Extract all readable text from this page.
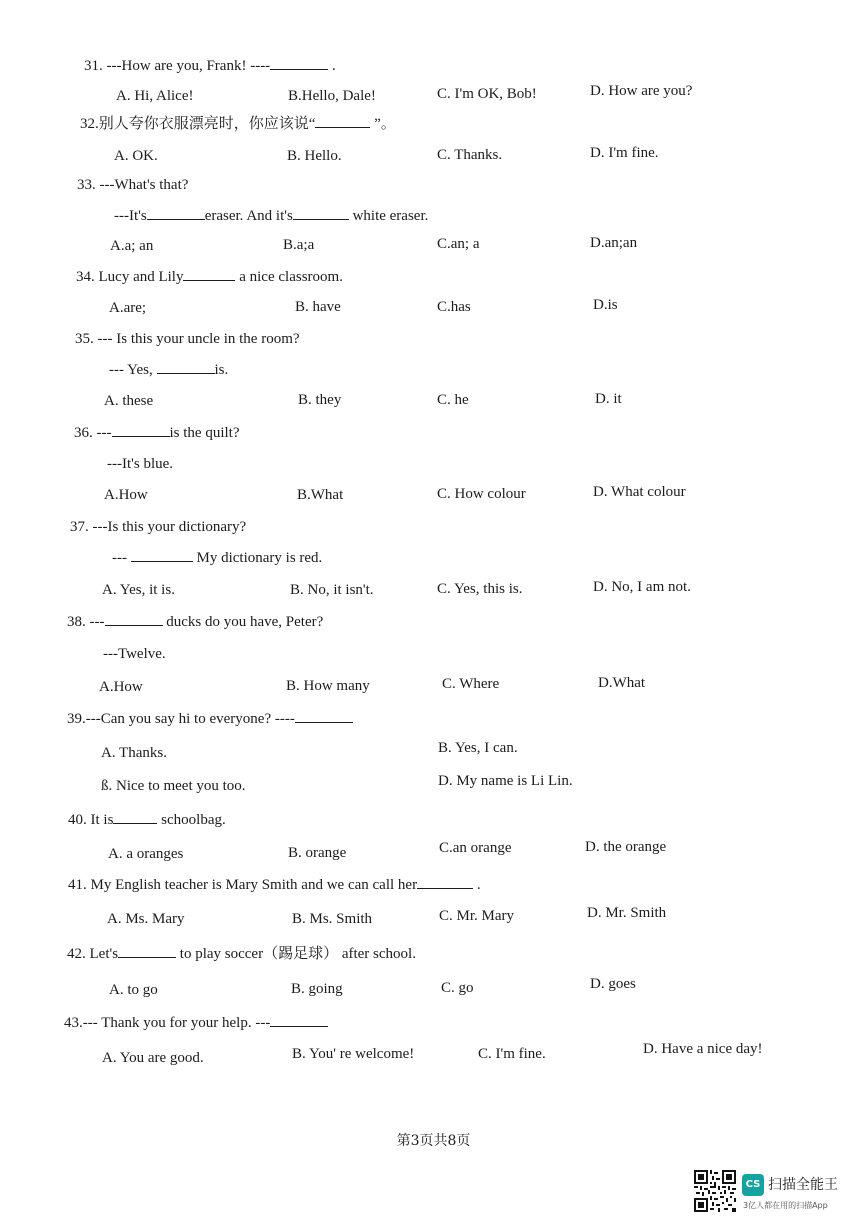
31. ---How are you, Frank! ----	.
A. Hi, Alice!	B.Hello, Dale!	C. I'm OK, Bob!	D. How are you?
32.别人夸你衣服漂亮时，你应该说“	”。
A. OK.	B. Hello.	C. Thanks.	D. I'm fine.
33. ---What's that?
---It's	eraser. And it's	white eraser.
A.a; an	B.a;a	C.an; a	D.an;an
34. Lucy and Lily	a nice classroom.
A.are;	B. have	C.has	D.is
35. --- Is this your uncle in the room?
--- Yes,	is.
A. these	B. they	C. he	D. it
36. ---	is the quilt?
---It's blue.
A.How	B.What	C. How colour	D. What colour
37. ---Is this your dictionary?
---	My dictionary is red.
A. Yes, it is.	B. No, it isn't.	C. Yes, this is.	D. No, I am not.
38. ---	ducks do you have, Peter?
---Twelve.
A.How	B. How many	C. Where	D.What
39.---Can you say hi to everyone? ----
A. Thanks.	B. Yes, I can.
ß. Nice to meet you too.	D. My name is Li Lin.
40. It is	schoolbag.
A. a oranges	B. orange	C.an orange	D. the orange
41. My English teacher is Mary Smith and we can call her	.
A. Ms. Mary	B. Ms. Smith	C. Mr. Mary	D. Mr. Smith
42. Let's	to play soccer（踢足球） after school.
A. to go	B. going	C. go	D. goes
43.--- Thank you for your help. ---
A. You are good.	B. You' re welcome!	C. I'm fine.	D. Have a nice day!
第3页共8页
CS 扫描全能王
3亿人都在用的扫描App
